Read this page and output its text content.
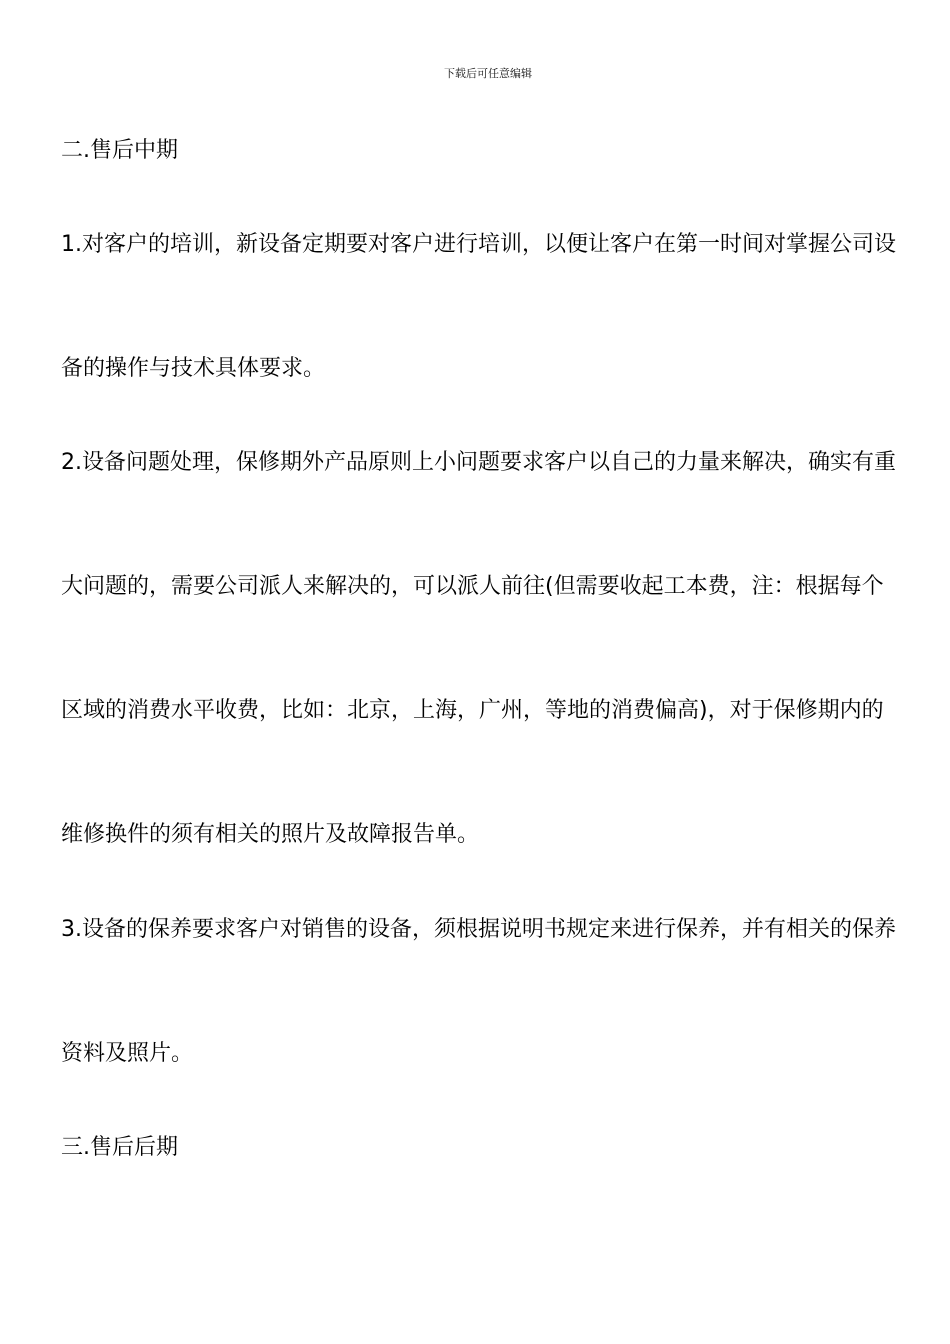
下载后可任意编辑
二.售后中期
1.对客户的培训，新设备定期要对客户进行培训，以便让客户在第一时间对掌握公司设
备的操作与技术具体要求。
2.设备问题处理，保修期外产品原则上小问题要求客户以自己的力量来解决，确实有重
大问题的，需要公司派人来解决的，可以派人前往(但需要收起工本费，注：根据每个
区域的消费水平收费，比如：北京，上海，广州，等地的消费偏高)，对于保修期内的
维修换件的须有相关的照片及故障报告单。
3.设备的保养要求客户对销售的设备，须根据说明书规定来进行保养，并有相关的保养
资料及照片。
三.售后后期
